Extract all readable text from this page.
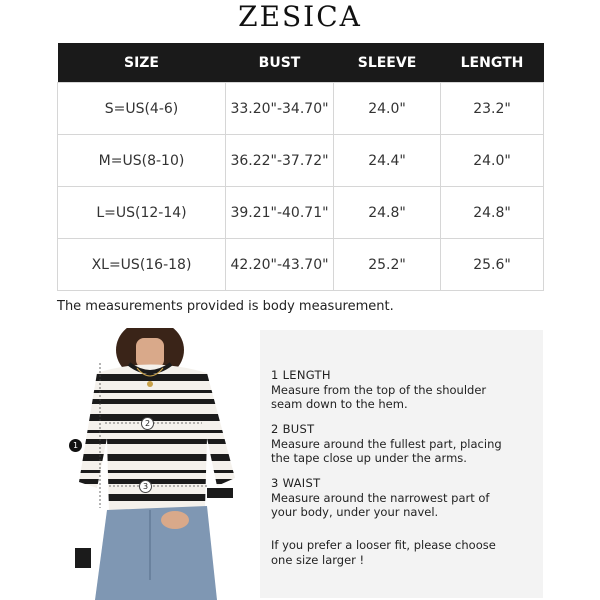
ZESICA
SIZE	BUST	SLEEVE	LENGTH
S=US(4-6)	33.20"-34.70"	24.0"	23.2"
M=US(8-10)	36.22"-37.72"	24.4"	24.0"
L=US(12-14)	39.21"-40.71"	24.8"	24.8"
XL=US(16-18)	42.20"-43.70"	25.2"	25.6"
The measurements provided is body measurement.
1
2
3
1 LENGTH
Measure from the top of the shoulder
seam down to the hem.
2 BUST
Measure around the fullest part, placing
the tape close up under the arms.
3 WAIST
Measure around the narrowest part of
your body, under your navel.
If you prefer a looser fit, please choose
one size larger !
